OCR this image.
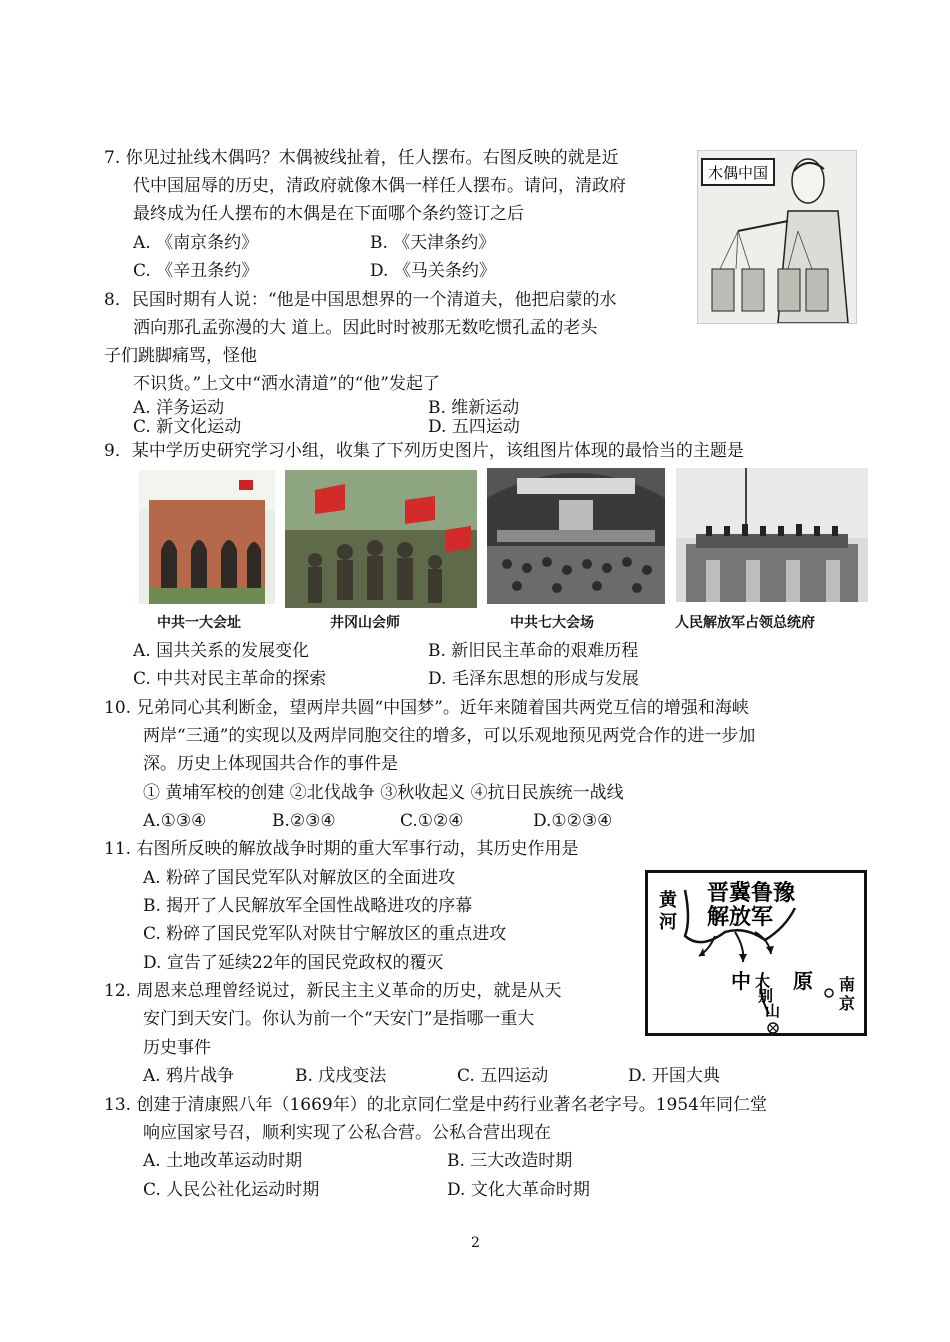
7. 你见过扯线木偶吗？木偶被线扯着，任人摆布。右图反映的就是近
代中国屈辱的历史，清政府就像木偶一样任人摆布。请问，清政府
最终成为任人摆布的木偶是在下面哪个条约签订之后
A. 《南京条约》	B. 《天津条约》
C. 《辛丑条约》	D. 《马关条约》
木偶中国
8．民国时期有人说：“他是中国思想界的一个清道夫，他把启蒙的水
洒向那孔孟弥漫的大 道上。因此时时被那无数吃惯孔孟的老头
子们跳脚痛骂，怪他
不识货。”上文中“洒水清道”的“他”发起了
A. 洋务运动	B. 维新运动
C. 新文化运动	D. 五四运动
9．某中学历史研究学习小组，收集了下列历史图片，该组图片体现的最恰当的主题是
中共一大会址	井冈山会师	中共七大会场	人民解放军占领总统府
A. 国共关系的发展变化	B. 新旧民主革命的艰难历程
C. 中共对民主革命的探索	D. 毛泽东思想的形成与发展
10. 兄弟同心其利断金，望两岸共圆“中国梦”。近年来随着国共两党互信的增强和海峡
两岸“三通”的实现以及两岸同胞交往的增多，可以乐观地预见两党合作的进一步加
深。历史上体现国共合作的事件是
① 黄埔军校的创建 ②北伐战争 ③秋收起义 ④抗日民族统一战线
A.①③④	B.②③④	C.①②④	D.①②③④
11. 右图所反映的解放战争时期的重大军事行动，其历史作用是
A. 粉碎了国民党军队对解放区的全面进攻
B. 揭开了人民解放军全国性战略进攻的序幕
C. 粉碎了国民党军队对陕甘宁解放区的重点进攻
D. 宣告了延续22年的国民党政权的覆灭
晋冀鲁豫
解放军
黄
河
中 原
大
别
山
南
京
12. 周恩来总理曾经说过，新民主主义革命的历史，就是从天
安门到天安门。你认为前一个“天安门”是指哪一重大
历史事件
A. 鸦片战争	B. 戊戌变法	C. 五四运动	D. 开国大典
13. 创建于清康熙八年（1669年）的北京同仁堂是中药行业著名老字号。1954年同仁堂
响应国家号召，顺利实现了公私合营。公私合营出现在
A. 土地改革运动时期	B. 三大改造时期
C. 人民公社化运动时期	D. 文化大革命时期
2
